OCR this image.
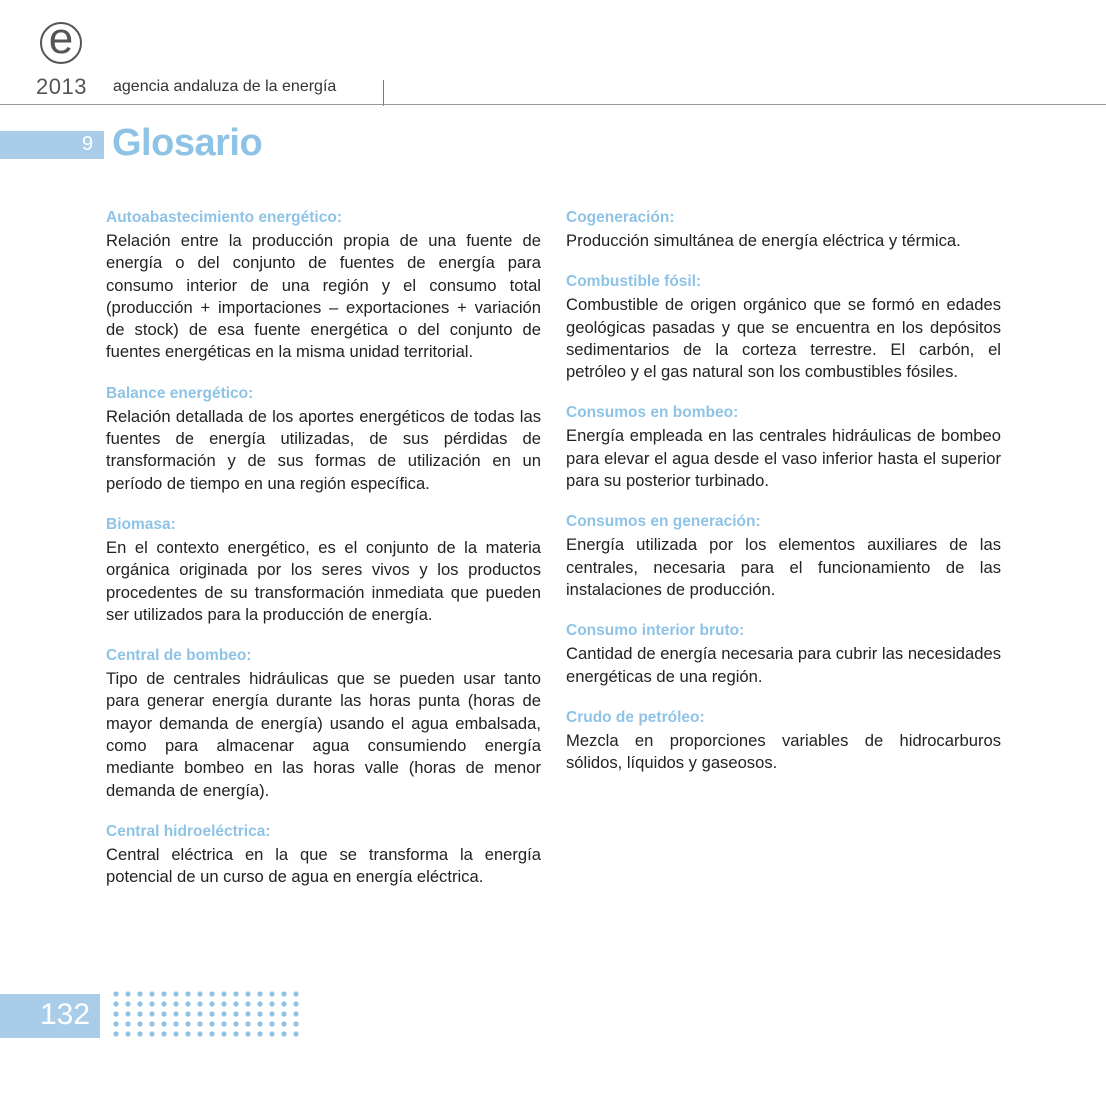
e
2013 agencia andaluza de la energía
9 Glosario
Autoabastecimiento energético:
Relación entre la producción propia de una fuente de energía o del conjunto de fuentes de energía para consumo interior de una región y el consumo total (producción + importaciones – exportaciones + variación de stock) de esa fuente energética o del conjunto de fuentes energéticas en la misma unidad territorial.
Balance energético:
Relación detallada de los aportes energéticos de todas las fuentes de energía utilizadas, de sus pérdidas de transformación y de sus formas de utilización en un período de tiempo en una región específica.
Biomasa:
En el contexto energético, es el conjunto de la materia orgánica originada por los seres vivos y los productos procedentes de su transformación inmediata que pueden ser utilizados para la producción de energía.
Central de bombeo:
Tipo de centrales hidráulicas que se pueden usar tanto para generar energía durante las horas punta (horas de mayor demanda de energía) usando el agua embalsada, como para almacenar agua consumiendo energía mediante bombeo en las horas valle (horas de menor demanda de energía).
Central hidroeléctrica:
Central eléctrica en la que se transforma la energía potencial de un curso de agua en energía eléctrica.
Cogeneración:
Producción simultánea de energía eléctrica y térmica.
Combustible fósil:
Combustible de origen orgánico que se formó en edades geológicas pasadas y que se encuentra en los depósitos sedimentarios de la corteza terrestre. El carbón, el petróleo y el gas natural son los combustibles fósiles.
Consumos en bombeo:
Energía empleada en las centrales hidráulicas de bombeo para elevar el agua desde el vaso inferior hasta el superior para su posterior turbinado.
Consumos en generación:
Energía utilizada por los elementos auxiliares de las centrales, necesaria para el funcionamiento de las instalaciones de producción.
Consumo interior bruto:
Cantidad de energía necesaria para cubrir las necesidades energéticas de una región.
Crudo de petróleo:
Mezcla en proporciones variables de hidrocarburos sólidos, líquidos y gaseosos.
132
